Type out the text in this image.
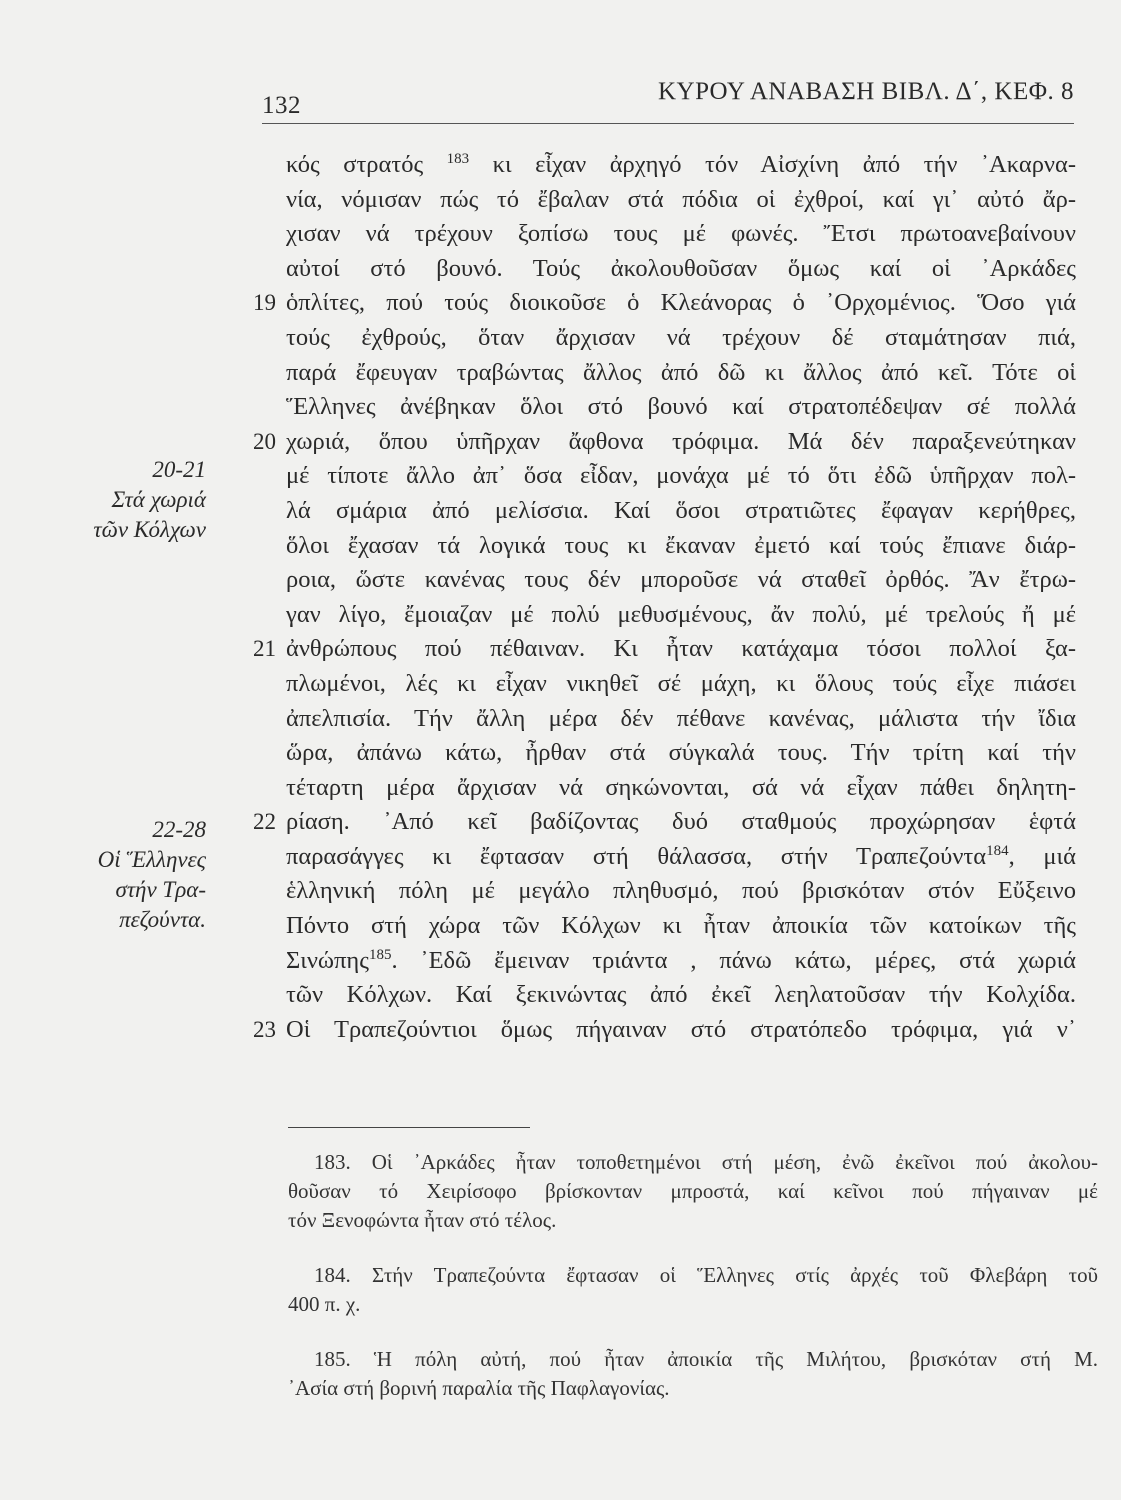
132
ΚΥΡΟΥ ΑΝΑΒΑΣΗ ΒΙΒΛ. Δ΄, ΚΕΦ. 8
20-21
Στά χωριά
τῶν Κόλχων
22-28
Οἱ Ἕλληνες
στήν Τρα-
πεζούντα.
κός στρατός $^{183}$ κι εἶχαν ἀρχηγό τόν Αἰσχίνη ἀπό τήν ᾿Ακαρνα-
νία, νόμισαν πώς τό ἔβαλαν στά πόδια οἱ ἐχθροί, καί γι᾿ αὐτό ἄρ-
χισαν νά τρέχουν ξοπίσω τους μέ φωνές. Ἔτσι πρωτοανεβαίνουν
αὐτοί στό βουνό. Τούς ἀκολουθοῦσαν ὅμως καί οἱ ᾿Αρκάδες
19 ὁπλίτες, πού τούς διοικοῦσε ὁ Κλεάνορας ὁ ᾿Ορχομένιος. Ὅσο γιά
τούς ἐχθρούς, ὅταν ἄρχισαν νά τρέχουν δέ σταμάτησαν πιά,
παρά ἔφευγαν τραβώντας ἄλλος ἀπό δῶ κι ἄλλος ἀπό κεῖ. Τότε οἱ
Ἕλληνες ἀνέβηκαν ὅλοι στό βουνό καί στρατοπέδεψαν σέ πολλά
20 χωριά, ὅπου ὑπῆρχαν ἄφθονα τρόφιμα. Μά δέν παραξενεύτηκαν
μέ τίποτε ἄλλο ἀπ᾿ ὅσα εἶδαν, μονάχα μέ τό ὅτι ἐδῶ ὑπῆρχαν πολ-
λά σμάρια ἀπό μελίσσια. Καί ὅσοι στρατιῶτες ἔφαγαν κερήθρες,
ὅλοι ἔχασαν τά λογικά τους κι ἔκαναν ἐμετό καί τούς ἔπιανε διάρ-
ροια, ὥστε κανένας τους δέν μποροῦσε νά σταθεῖ ὀρθός. Ἄν ἔτρω-
γαν λίγο, ἔμοιαζαν μέ πολύ μεθυσμένους, ἄν πολύ, μέ τρελούς ἤ μέ
21 ἀνθρώπους πού πέθαιναν. Κι ἦταν κατάχαμα τόσοι πολλοί ξα-
πλωμένοι, λές κι εἶχαν νικηθεῖ σέ μάχη, κι ὅλους τούς εἶχε πιάσει
ἀπελπισία. Τήν ἄλλη μέρα δέν πέθανε κανένας, μάλιστα τήν ἴδια
ὥρα, ἀπάνω κάτω, ἦρθαν στά σύγκαλά τους. Τήν τρίτη καί τήν
τέταρτη μέρα ἄρχισαν νά σηκώνονται, σά νά εἶχαν πάθει δηλητη-
22 ρίαση. ᾿Από κεῖ βαδίζοντας δυό σταθμούς προχώρησαν ἑφτά
παρασάγγες κι ἔφτασαν στή θάλασσα, στήν Τραπεζούντα$^{184}$, μιά
ἑλληνική πόλη μέ μεγάλο πληθυσμό, πού βρισκόταν στόν Εὔξεινο
Πόντο στή χώρα τῶν Κόλχων κι ἦταν ἀποικία τῶν κατοίκων τῆς
Σινώπης$^{185}$. ᾿Εδῶ ἔμειναν τριάντα , πάνω κάτω, μέρες, στά χωριά
τῶν Κόλχων. Καί ξεκινώντας ἀπό ἐκεῖ λεηλατοῦσαν τήν Κολχίδα.
23 Οἱ Τραπεζούντιοι ὅμως πήγαιναν στό στρατόπεδο τρόφιμα, γιά ν᾿
183. Οἱ ᾿Αρκάδες ἦταν τοποθετημένοι στή μέση, ἐνῶ ἐκεῖνοι πού ἀκολου-
θοῦσαν τό Χειρίσοφο βρίσκονταν μπροστά, καί κεῖνοι πού πήγαιναν μέ
τόν Ξενοφώντα ἦταν στό τέλος.
184. Στήν Τραπεζούντα ἔφτασαν οἱ Ἕλληνες στίς ἀρχές τοῦ Φλεβάρη τοῦ
400 π. χ.
185. Ἡ πόλη αὐτή, πού ἦταν ἀποικία τῆς Μιλήτου, βρισκόταν στή Μ.
᾿Ασία στή βορινή παραλία τῆς Παφλαγονίας.
